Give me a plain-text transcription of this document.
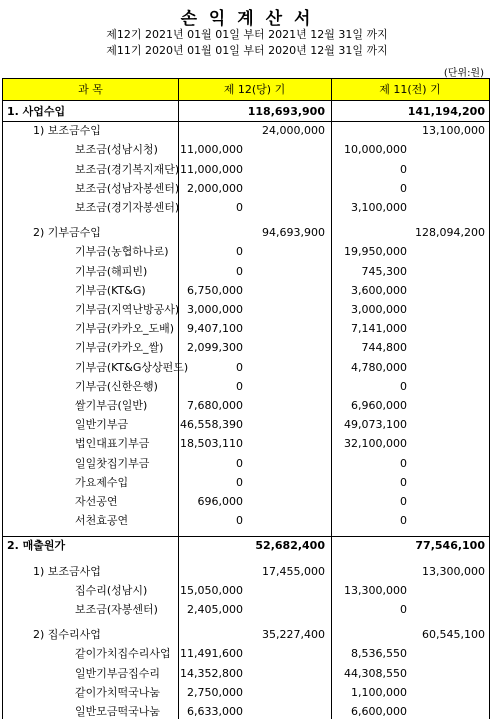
손 익 계 산 서
제12기 2021년 01월 01일 부터 2021년 12월 31일 까지
제11기 2020년 01월 01일 부터 2020년 12월 31일 까지
(단위:원)
과 목	제 12(당) 기	제 11(전) 기
1. 사업수입	118,693,900	141,194,200
1) 보조금수입	24,000,000	13,100,000
보조금(성남시청)	11,000,000	10,000,000
보조금(경기복지재단) 11,000,000	0
보조금(성남자봉센터) 2,000,000	0
보조금(경기자봉센터)	0	3,100,000
2) 기부금수입	94,693,900	128,094,200
기부금(농협하나로)	0	19,950,000
기부금(해피빈)	0	745,300
기부금(KT&G)	6,750,000	3,600,000
기부금(지역난방공사) 3,000,000	3,000,000
기부금(카카오_도배) 9,407,100	7,141,000
기부금(카카오_쌀)	2,099,300	744,800
기부금(KT&G상상펀드)	0	4,780,000
기부금(신한은행)	0	0
쌀기부금(일반)	7,680,000	6,960,000
일반기부금	46,558,390	49,073,100
법인대표기부금	18,503,110	32,100,000
일일찻집기부금	0	0
가요제수입	0	0
자선공연	696,000	0
서천효공연	0	0
2. 매출원가	52,682,400	77,546,100
1) 보조금사업	17,455,000	13,300,000
집수리(성남시)	15,050,000	13,300,000
보조금(자봉센터)	2,405,000	0
2) 집수리사업	35,227,400	60,545,100
같이가치집수리사업 11,491,600	8,536,550
일반기부금집수리	14,352,800	44,308,550
같이가치떡국나눔	2,750,000	1,100,000
일반모금떡국나눔	6,633,000	6,600,000
